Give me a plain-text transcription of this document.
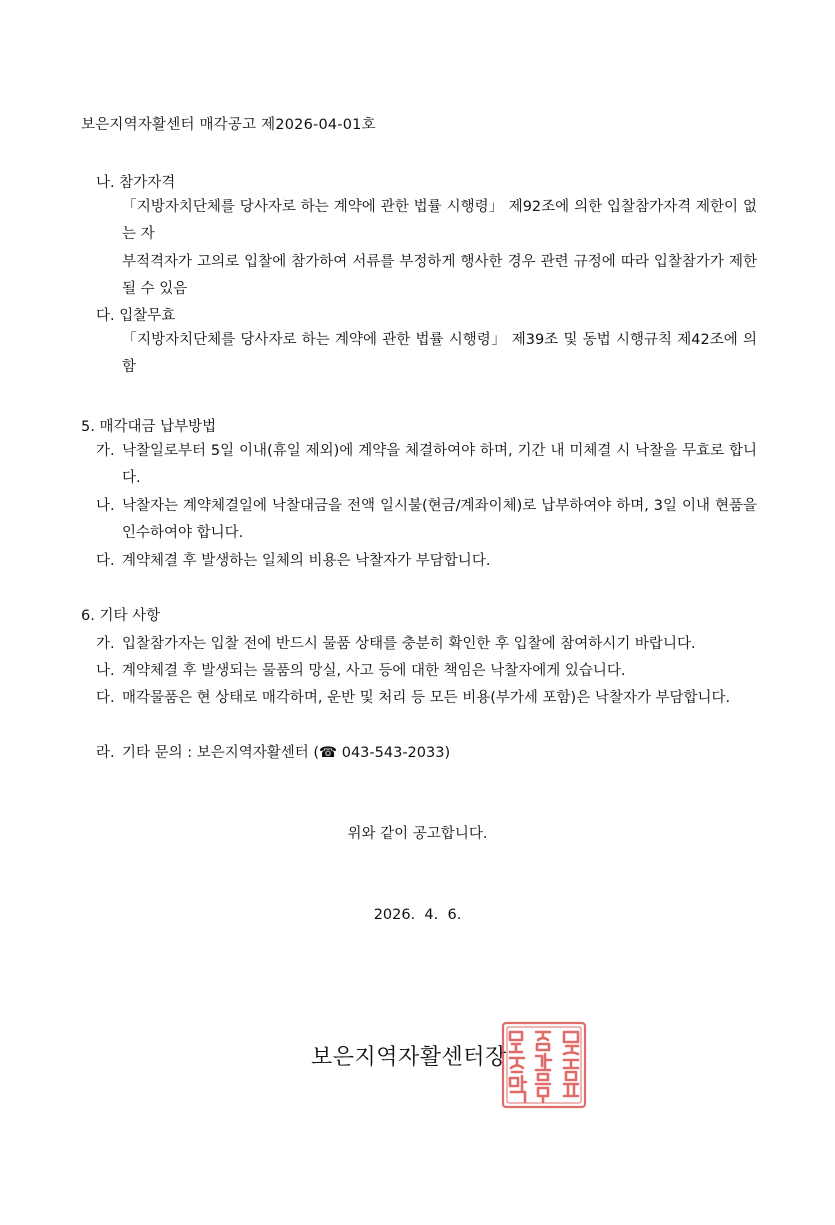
보은지역자활센터 매각공고 제2026-04-01호
나. 참가자격
「지방자치단체를 당사자로 하는 계약에 관한 법률 시행령」 제92조에 의한 입찰참가자격 제한이 없는 자
부적격자가 고의로 입찰에 참가하여 서류를 부정하게 행사한 경우 관련 규정에 따라 입찰참가가 제한될 수 있음
다. 입찰무효
「지방자치단체를 당사자로 하는 계약에 관한 법률 시행령」 제39조 및 동법 시행규칙 제42조에 의함
5. 매각대금 납부방법
가. 낙찰일로부터 5일 이내(휴일 제외)에 계약을 체결하여야 하며, 기간 내 미체결 시 낙찰을 무효로 합니다.
나. 낙찰자는 계약체결일에 낙찰대금을 전액 일시불(현금/계좌이체)로 납부하여야 하며, 3일 이내 현품을 인수하여야 합니다.
다. 계약체결 후 발생하는 일체의 비용은 낙찰자가 부담합니다.
6. 기타 사항
가. 입찰참가자는 입찰 전에 반드시 물품 상태를 충분히 확인한 후 입찰에 참여하시기 바랍니다.
나. 계약체결 후 발생되는 물품의 망실, 사고 등에 대한 책임은 낙찰자에게 있습니다.
다. 매각물품은 현 상태로 매각하며, 운반 및 처리 등 모든 비용(부가세 포함)은 낙찰자가 부담합니다.
라. 기타 문의 : 보은지역자활센터 (☎ 043-543-2033)
위와 같이 공고합니다.
2026.  4.  6.
보은지역자활센터장
보은지역자활센터장의인
